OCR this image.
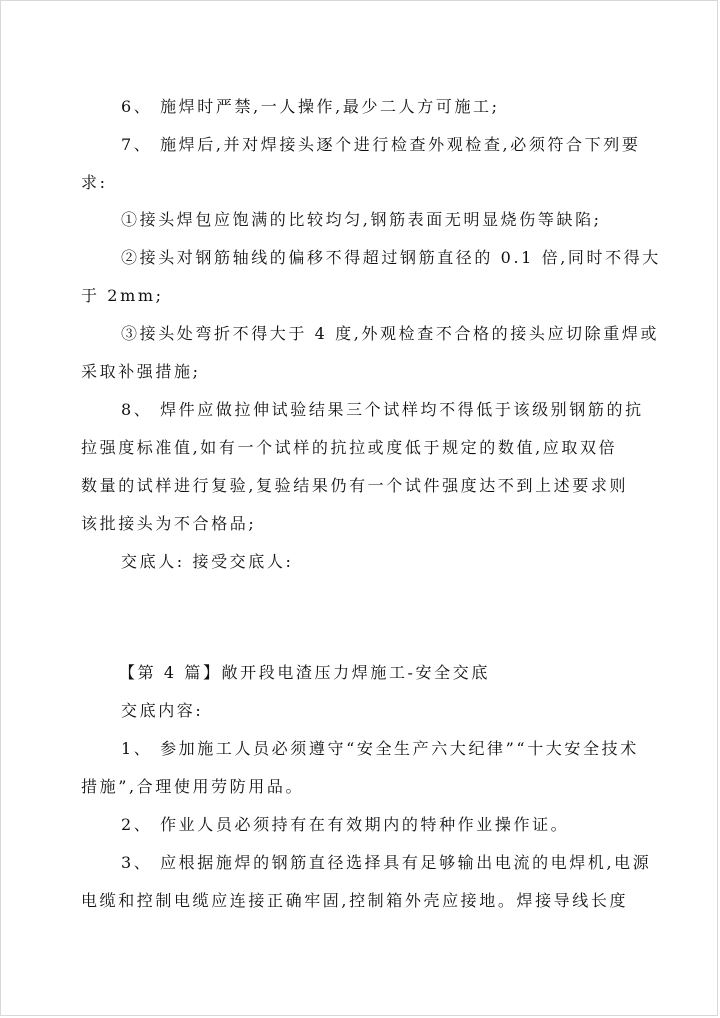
6、 施焊时严禁,一人操作,最少二人方可施工;
7、 施焊后,并对焊接头逐个进行检查外观检查,必须符合下列要
求:
①接头焊包应饱满的比较均匀,钢筋表面无明显烧伤等缺陷;
②接头对钢筋轴线的偏移不得超过钢筋直径的 0.1 倍,同时不得大
于 2mm;
③接头处弯折不得大于 4 度,外观检查不合格的接头应切除重焊或
采取补强措施;
8、 焊件应做拉伸试验结果三个试样均不得低于该级别钢筋的抗
拉强度标准值,如有一个试样的抗拉或度低于规定的数值,应取双倍
数量的试样进行复验,复验结果仍有一个试件强度达不到上述要求则
该批接头为不合格品;
交底人: 接受交底人:
【第 4 篇】敞开段电渣压力焊施工-安全交底
交底内容:
1、 参加施工人员必须遵守“安全生产六大纪律”“十大安全技术
措施”,合理使用劳防用品。
2、 作业人员必须持有在有效期内的特种作业操作证。
3、 应根据施焊的钢筋直径选择具有足够输出电流的电焊机,电源
电缆和控制电缆应连接正确牢固,控制箱外壳应接地。焊接导线长度
